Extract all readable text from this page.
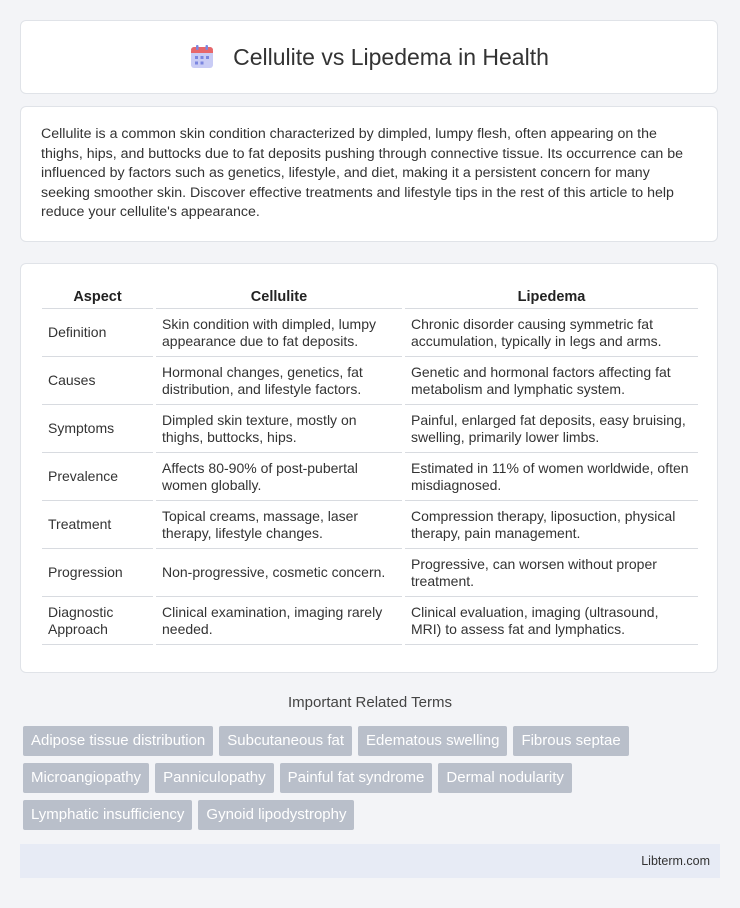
Cellulite vs Lipedema in Health

Cellulite is a common skin condition characterized by dimpled, lumpy flesh, often appearing on the thighs, hips, and buttocks due to fat deposits pushing through connective tissue. Its occurrence can be influenced by factors such as genetics, lifestyle, and diet, making it a persistent concern for many seeking smoother skin. Discover effective treatments and lifestyle tips in the rest of this article to help reduce your cellulite's appearance.

Aspect	Cellulite	Lipedema
Definition	Skin condition with dimpled, lumpy appearance due to fat deposits.	Chronic disorder causing symmetric fat accumulation, typically in legs and arms.
Causes	Hormonal changes, genetics, fat distribution, and lifestyle factors.	Genetic and hormonal factors affecting fat metabolism and lymphatic system.
Symptoms	Dimpled skin texture, mostly on thighs, buttocks, hips.	Painful, enlarged fat deposits, easy bruising, swelling, primarily lower limbs.
Prevalence	Affects 80-90% of post-pubertal women globally.	Estimated in 11% of women worldwide, often misdiagnosed.
Treatment	Topical creams, massage, laser therapy, lifestyle changes.	Compression therapy, liposuction, physical therapy, pain management.
Progression	Non-progressive, cosmetic concern.	Progressive, can worsen without proper treatment.
Diagnostic Approach	Clinical examination, imaging rarely needed.	Clinical evaluation, imaging (ultrasound, MRI) to assess fat and lymphatics.
Important Related Terms
Adipose tissue distribution	Subcutaneous fat	Edematous swelling	Fibrous septae
Microangiopathy	Panniculopathy	Painful fat syndrome	Dermal nodularity
Lymphatic insufficiency	Gynoid lipodystrophy
Libterm.com
